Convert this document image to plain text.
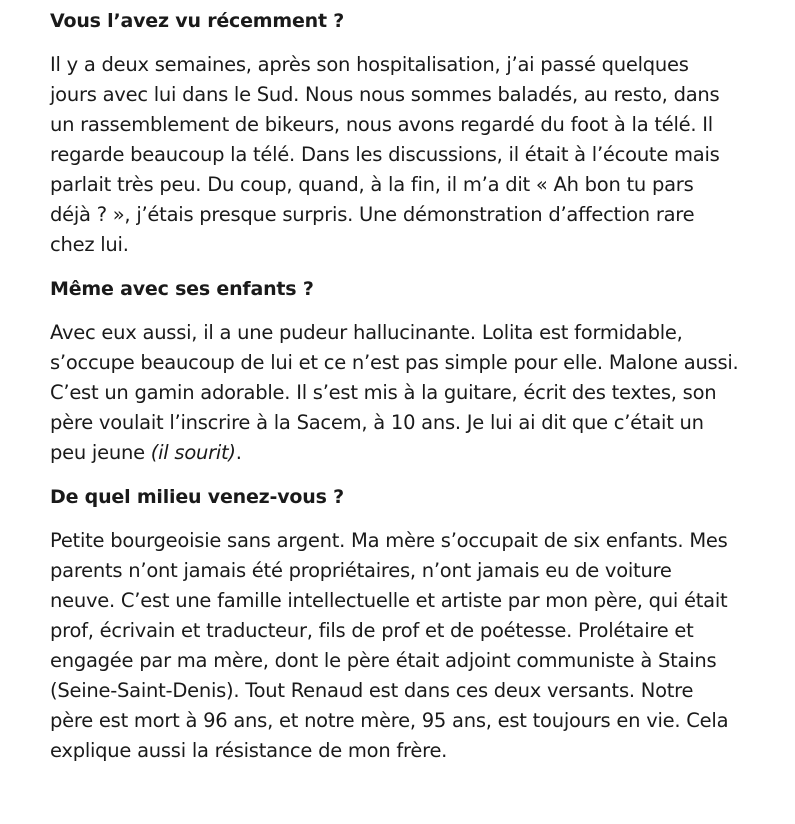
Vous l’avez vu récemment ?

Il y a deux semaines, après son hospitalisation, j’ai passé quelques jours avec lui dans le Sud. Nous nous sommes baladés, au resto, dans un rassemblement de bikeurs, nous avons regardé du foot à la télé. Il regarde beaucoup la télé. Dans les discussions, il était à l’écoute mais parlait très peu. Du coup, quand, à la fin, il m’a dit « Ah bon tu pars déjà ? », j’étais presque surpris. Une démonstration d’affection rare chez lui.

Même avec ses enfants ?

Avec eux aussi, il a une pudeur hallucinante. Lolita est formidable, s’occupe beaucoup de lui et ce n’est pas simple pour elle. Malone aussi. C’est un gamin adorable. Il s’est mis à la guitare, écrit des textes, son père voulait l’inscrire à la Sacem, à 10 ans. Je lui ai dit que c’était un peu jeune (il sourit).

De quel milieu venez-vous ?

Petite bourgeoisie sans argent. Ma mère s’occupait de six enfants. Mes parents n’ont jamais été propriétaires, n’ont jamais eu de voiture neuve. C’est une famille intellectuelle et artiste par mon père, qui était prof, écrivain et traducteur, fils de prof et de poétesse. Prolétaire et engagée par ma mère, dont le père était adjoint communiste à Stains (Seine-Saint-Denis). Tout Renaud est dans ces deux versants. Notre père est mort à 96 ans, et notre mère, 95 ans, est toujours en vie. Cela explique aussi la résistance de mon frère.
